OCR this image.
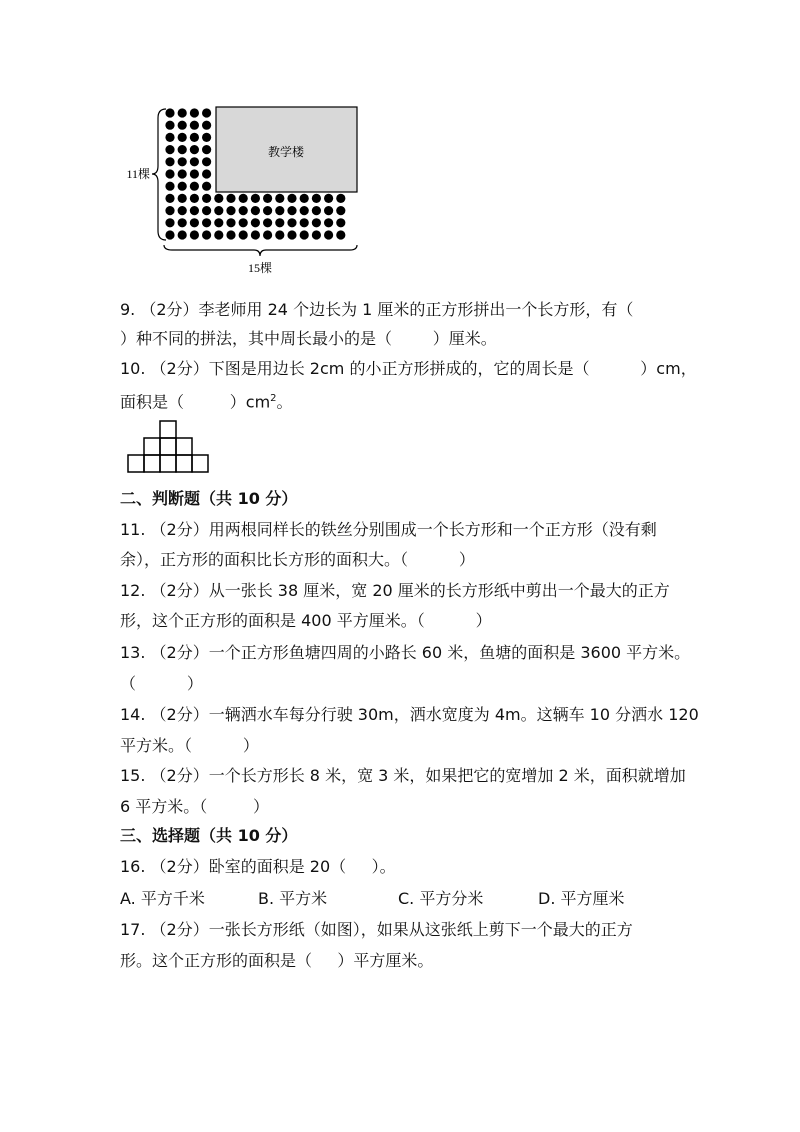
教学楼
11棵
15棵
9. （2分）李老师用 24 个边长为 1 厘米的正方形拼出一个长方形，有（
）种不同的拼法，其中周长最小的是（        ）厘米。
10. （2分）下图是用边长 2cm 的小正方形拼成的，它的周长是（          ）cm，
面积是（         ）$cm^2$。
二、判断题（共 10 分）
11. （2分）用两根同样长的铁丝分别围成一个长方形和一个正方形（没有剩
余），正方形的面积比长方形的面积大。（          ）
12. （2分）从一张长 38 厘米，宽 20 厘米的长方形纸中剪出一个最大的正方
形，这个正方形的面积是 400 平方厘米。（          ）
13. （2分）一个正方形鱼塘四周的小路长 60 米，鱼塘的面积是 3600 平方米。
（          ）
14. （2分）一辆洒水车每分行驶 30m，洒水宽度为 4m。这辆车 10 分洒水 120
平方米。（          ）
15. （2分）一个长方形长 8 米，宽 3 米，如果把它的宽增加 2 米，面积就增加
6 平方米。（         ）
三、选择题（共 10 分）
16. （2分）卧室的面积是 20（     ）。
A. 平方千米	B. 平方米	C. 平方分米	D. 平方厘米
17. （2分）一张长方形纸（如图），如果从这张纸上剪下一个最大的正方
形。这个正方形的面积是（     ）平方厘米。
